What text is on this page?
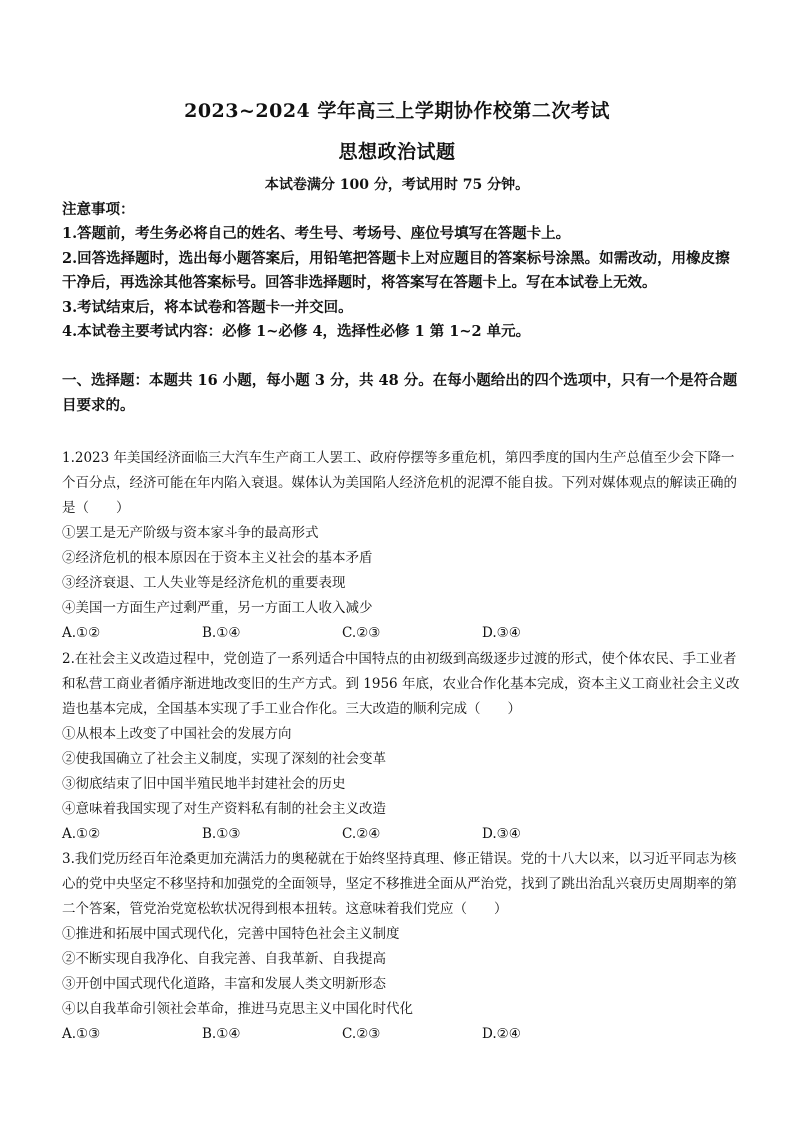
2023~2024 学年高三上学期协作校第二次考试
思想政治试题
本试卷满分 100 分，考试用时 75 分钟。
注意事项：

1.答题前，考生务必将自己的姓名、考生号、考场号、座位号填写在答题卡上。

2.回答选择题时，选出每小题答案后，用铅笔把答题卡上对应题目的答案标号涂黑。如需改动，用橡皮擦干净后，再选涂其他答案标号。回答非选择题时，将答案写在答题卡上。写在本试卷上无效。

3.考试结束后，将本试卷和答题卡一并交回。

4.本试卷主要考试内容：必修 1~必修 4，选择性必修 1 第 1~2 单元。

一、选择题：本题共 16 小题，每小题 3 分，共 48 分。在每小题给出的四个选项中，只有一个是符合题目要求的。

1.2023 年美国经济面临三大汽车生产商工人罢工、政府停摆等多重危机，第四季度的国内生产总值至少会下降一个百分点，经济可能在年内陷入衰退。媒体认为美国陷人经济危机的泥潭不能自拔。下列对媒体观点的解读正确的是（　　）

①罢工是无产阶级与资本家斗争的最高形式

②经济危机的根本原因在于资本主义社会的基本矛盾

③经济衰退、工人失业等是经济危机的重要表现

④美国一方面生产过剩严重，另一方面工人收入减少

A.①②	B.①④	C.②③	D.③④

2.在社会主义改造过程中，党创造了一系列适合中国特点的由初级到高级逐步过渡的形式，使个体农民、手工业者和私营工商业者循序渐进地改变旧的生产方式。到 1956 年底，农业合作化基本完成，资本主义工商业社会主义改造也基本完成，全国基本实现了手工业合作化。三大改造的顺利完成（　　）

①从根本上改变了中国社会的发展方向

②使我国确立了社会主义制度，实现了深刻的社会变革

③彻底结束了旧中国半殖民地半封建社会的历史

④意味着我国实现了对生产资料私有制的社会主义改造

A.①②	B.①③	C.②④	D.③④

3.我们党历经百年沧桑更加充满活力的奥秘就在于始终坚持真理、修正错误。党的十八大以来，以习近平同志为核心的党中央坚定不移坚持和加强党的全面领导，坚定不移推进全面从严治党，找到了跳出治乱兴衰历史周期率的第二个答案，管党治党宽松软状况得到根本扭转。这意味着我们党应（　　）

①推进和拓展中国式现代化，完善中国特色社会主义制度

②不断实现自我净化、自我完善、自我革新、自我提高

③开创中国式现代化道路，丰富和发展人类文明新形态

④以自我革命引领社会革命，推进马克思主义中国化时代化

A.①③	B.①④	C.②③	D.②④
